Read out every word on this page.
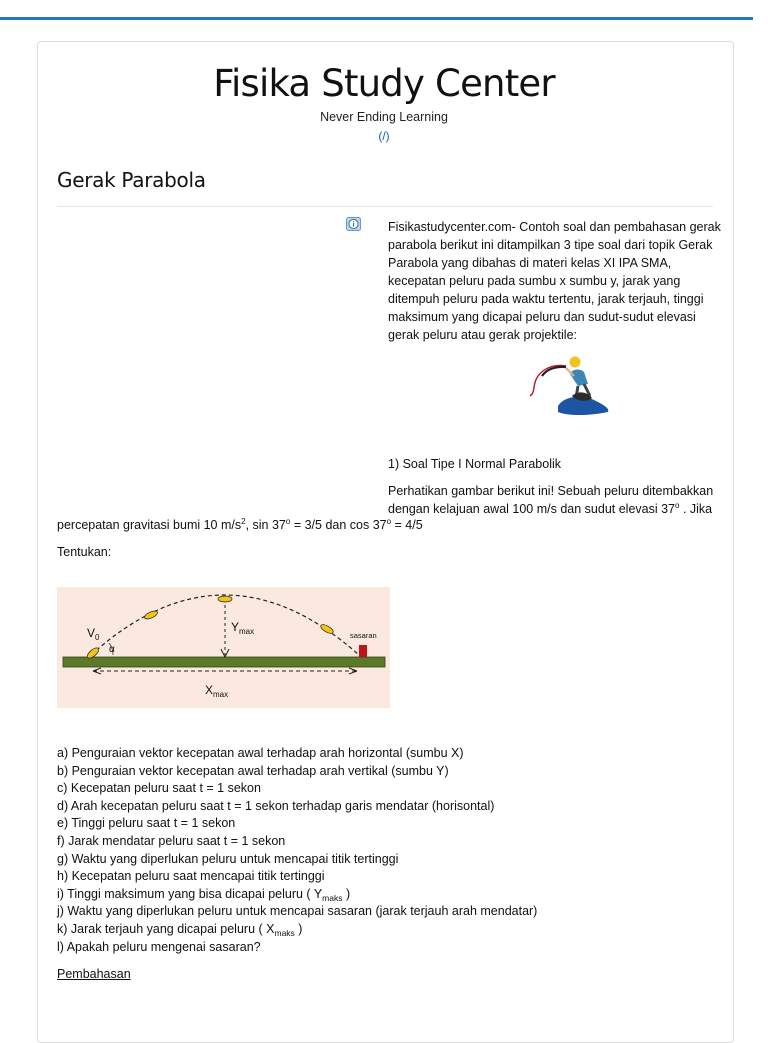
Fisika Study Center
Never Ending Learning
(/)
Gerak Parabola
Fisikastudycenter.com- Contoh soal dan pembahasan gerak parabola berikut ini ditampilkan 3 tipe soal dari topik Gerak Parabola yang dibahas di materi kelas XI IPA SMA, kecepatan peluru pada sumbu x sumbu y, jarak yang ditempuh peluru pada waktu tertentu, jarak terjauh, tinggi maksimum yang dicapai peluru dan sudut-sudut elevasi gerak peluru atau gerak projektile:
1) Soal Tipe I Normal Parabolik
Perhatikan gambar berikut ini! Sebuah peluru ditembakkan dengan kelajuan awal 100 m/s dan sudut elevasi 37$^o$ . Jika
percepatan gravitasi bumi 10 $m/s^2$, $\sin 37^o = 3/5$ dan $\cos 37^o = 4/5$
Tentukan:
$V_0$
α
$Y_{max}$	sasaran
$X_{max}$
a) Penguraian vektor kecepatan awal terhadap arah horizontal (sumbu X)
b) Penguraian vektor kecepatan awal terhadap arah vertikal (sumbu Y)
c) Kecepatan peluru saat t = 1 sekon
d) Arah kecepatan peluru saat t = 1 sekon terhadap garis mendatar (horisontal)
e) Tinggi peluru saat t = 1 sekon
f) Jarak mendatar peluru saat t = 1 sekon
g) Waktu yang diperlukan peluru untuk mencapai titik tertinggi
h) Kecepatan peluru saat mencapai titik tertinggi
i) Tinggi maksimum yang bisa dicapai peluru ( $Y_{maks}$ )
j) Waktu yang diperlukan peluru untuk mencapai sasaran (jarak terjauh arah mendatar)
k) Jarak terjauh yang dicapai peluru ( $X_{maks}$ )
l) Apakah peluru mengenai sasaran?
Pembahasan
